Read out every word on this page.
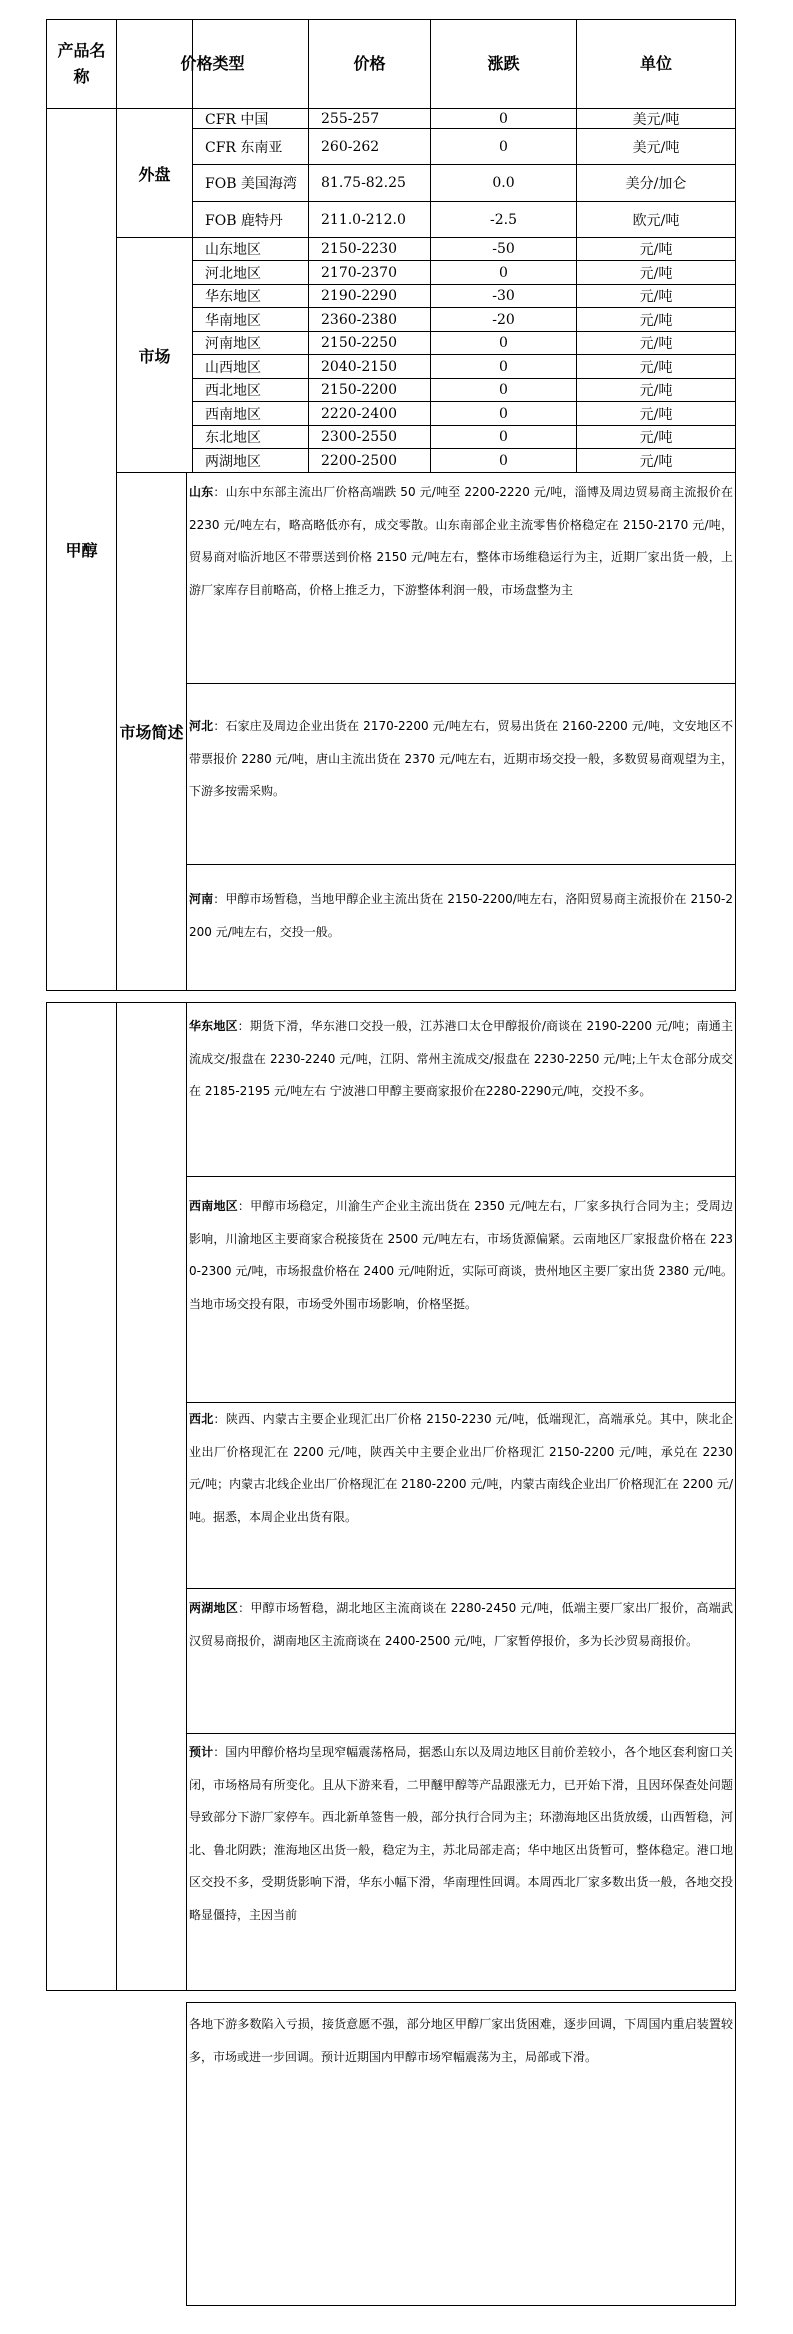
产品名称
价格类型	价格	涨跌	单位
甲醇
外盘
市场
市场简述
CFR 中国	255-257	0	美元/吨
CFR 东南亚	260-262	0	美元/吨
FOB 美国海湾	81.75-82.25	0.0	美分/加仑
FOB 鹿特丹	211.0-212.0	-2.5	欧元/吨
山东地区	2150-2230	-50	元/吨
河北地区	2170-2370	0	元/吨
华东地区	2190-2290	-30	元/吨
华南地区	2360-2380	-20	元/吨
河南地区	2150-2250	0	元/吨
山西地区	2040-2150	0	元/吨
西北地区	2150-2200	0	元/吨
西南地区	2220-2400	0	元/吨
东北地区	2300-2550	0	元/吨
两湖地区	2200-2500	0	元/吨
山东：山东中东部主流出厂价格高端跌 50 元/吨至 2200-2220 元/吨，淄博及周边贸易商主流报价在 2230 元/吨左右，略高略低亦有，成交零散。山东南部企业主流零售价格稳定在 2150-2170 元/吨，贸易商对临沂地区不带票送到价格 2150 元/吨左右，整体市场维稳运行为主，近期厂家出货一般，上游厂家库存目前略高，价格上推乏力，下游整体利润一般，市场盘整为主
河北：石家庄及周边企业出货在 2170-2200 元/吨左右，贸易出货在 2160-2200 元/吨，文安地区不带票报价 2280 元/吨，唐山主流出货在 2370 元/吨左右，近期市场交投一般，多数贸易商观望为主，下游多按需采购。
河南：甲醇市场暂稳，当地甲醇企业主流出货在 2150-2200/吨左右，洛阳贸易商主流报价在 2150-2200 元/吨左右，交投一般。
华东地区：期货下滑，华东港口交投一般，江苏港口太仓甲醇报价/商谈在 2190-2200 元/吨；南通主流成交/报盘在 2230-2240 元/吨，江阴、常州主流成交/报盘在 2230-2250 元/吨;上午太仓部分成交在 2185-2195 元/吨左右 宁波港口甲醇主要商家报价在2280-2290元/吨，交投不多。
西南地区：甲醇市场稳定，川渝生产企业主流出货在 2350 元/吨左右，厂家多执行合同为主；受周边影响，川渝地区主要商家合税接货在 2500 元/吨左右，市场货源偏紧。云南地区厂家报盘价格在 2230-2300 元/吨，市场报盘价格在 2400 元/吨附近，实际可商谈，贵州地区主要厂家出货 2380 元/吨。当地市场交投有限，市场受外围市场影响，价格坚挺。
西北：陕西、内蒙古主要企业现汇出厂价格 2150-2230 元/吨，低端现汇，高端承兑。其中，陕北企业出厂价格现汇在 2200 元/吨，陕西关中主要企业出厂价格现汇 2150-2200 元/吨，承兑在 2230 元/吨；内蒙古北线企业出厂价格现汇在 2180-2200 元/吨，内蒙古南线企业出厂价格现汇在 2200 元/吨。据悉，本周企业出货有限。
两湖地区：甲醇市场暂稳，湖北地区主流商谈在 2280-2450 元/吨，低端主要厂家出厂报价，高端武汉贸易商报价，湖南地区主流商谈在 2400-2500 元/吨，厂家暂停报价，多为长沙贸易商报价。
预计：国内甲醇价格均呈现窄幅震荡格局，据悉山东以及周边地区目前价差较小，各个地区套利窗口关闭，市场格局有所变化。且从下游来看，二甲醚甲醇等产品跟涨无力，已开始下滑，且因环保查处问题导致部分下游厂家停车。西北新单签售一般，部分执行合同为主；环渤海地区出货放缓，山西暂稳，河北、鲁北阴跌；淮海地区出货一般，稳定为主，苏北局部走高；华中地区出货暂可，整体稳定。港口地区交投不多，受期货影响下滑，华东小幅下滑，华南理性回调。本周西北厂家多数出货一般，各地交投略显僵持，主因当前
各地下游多数陷入亏损，接货意愿不强，部分地区甲醇厂家出货困难，逐步回调，下周国内重启装置较多，市场或进一步回调。预计近期国内甲醇市场窄幅震荡为主，局部或下滑。
